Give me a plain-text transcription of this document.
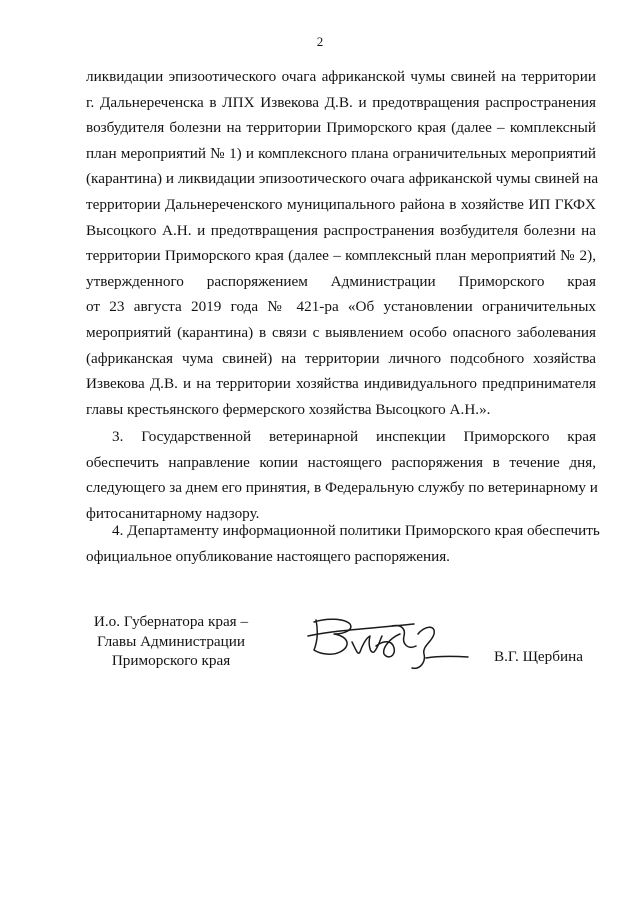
2
ликвидации эпизоотического очага африканской чумы свиней на территории
г. Дальнереченска в ЛПХ Извекова Д.В. и предотвращения распространения
возбудителя болезни на территории Приморского края (далее – комплексный
план мероприятий № 1) и комплексного плана ограничительных мероприятий
(карантина) и ликвидации эпизоотического очага африканской чумы свиней на
территории Дальнереченского муниципального района в хозяйстве ИП ГКФХ
Высоцкого А.Н. и предотвращения распространения возбудителя болезни на
территории Приморского края (далее – комплексный план мероприятий № 2),
утвержденного распоряжением Администрации Приморского края
от 23 августа 2019 года № 421-ра «Об установлении ограничительных
мероприятий (карантина) в связи с выявлением особо опасного заболевания
(африканская чума свиней) на территории личного подсобного хозяйства
Извекова Д.В. и на территории хозяйства индивидуального предпринимателя
главы крестьянского фермерского хозяйства Высоцкого А.Н.».
3. Государственной ветеринарной инспекции Приморского края
обеспечить направление копии настоящего распоряжения в течение дня,
следующего за днем его принятия, в Федеральную службу по ветеринарному и
фитосанитарному надзору.
4. Департаменту информационной политики Приморского края обеспечить
официальное опубликование настоящего распоряжения.
И.о. Губернатора края –
Главы Администрации
Приморского края	В.Г. Щербина
